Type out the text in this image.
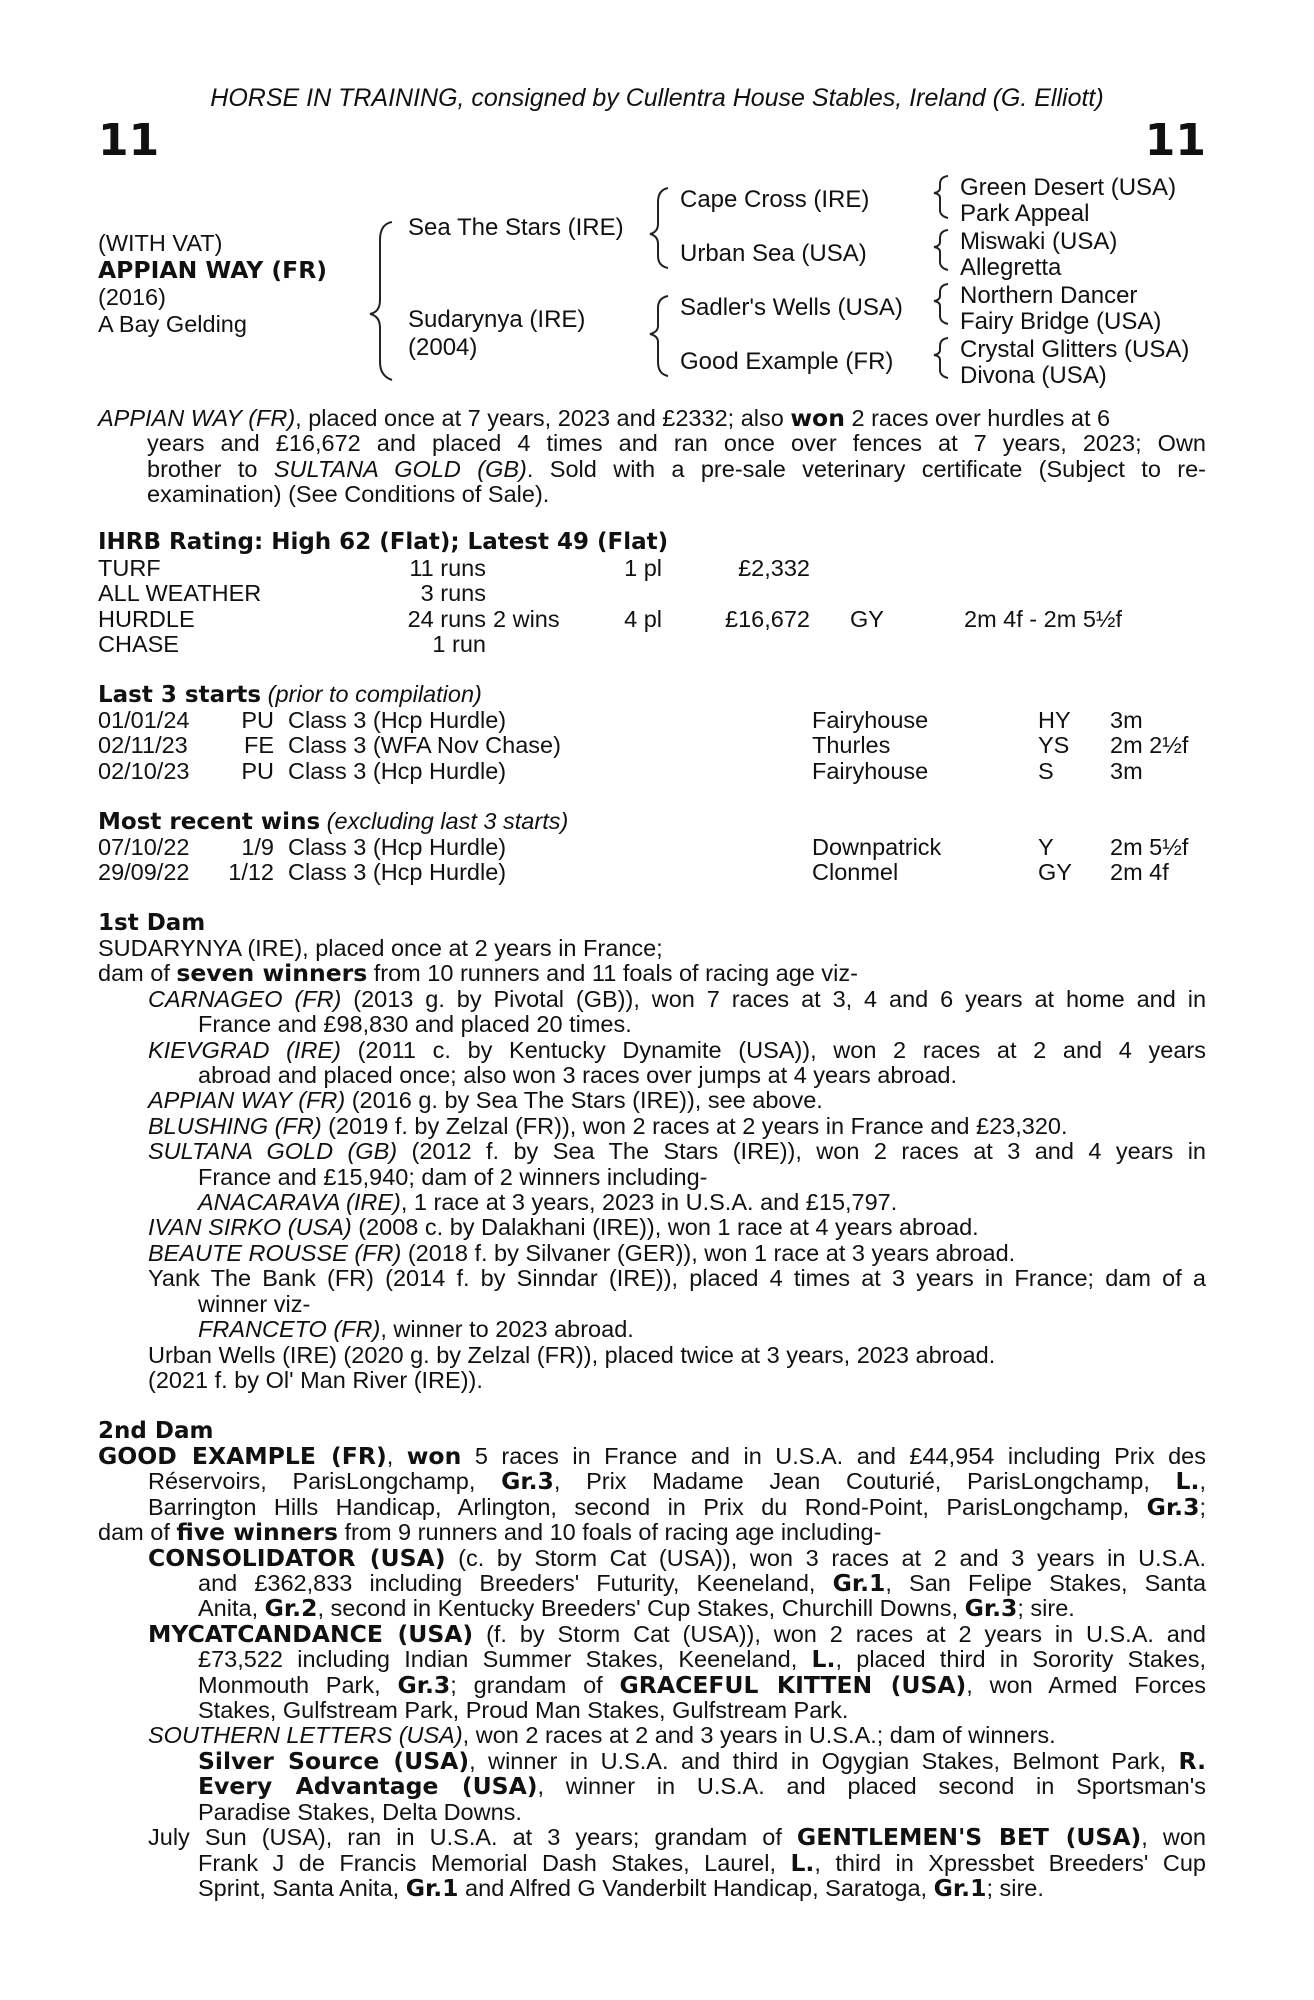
HORSE IN TRAINING, consigned by Cullentra House Stables, Ireland (G. Elliott)
11	11
(WITH VAT)
APPIAN WAY (FR)
(2016)
A Bay Gelding
Sea The Stars (IRE)
Sudarynya (IRE)
(2004)
Cape Cross (IRE)
Urban Sea (USA)
Sadler's Wells (USA)
Good Example (FR)
Green Desert (USA)
Park Appeal
Miswaki (USA)
Allegretta
Northern Dancer
Fairy Bridge (USA)
Crystal Glitters (USA)
Divona (USA)
APPIAN WAY (FR), placed once at 7 years, 2023 and £2332; also won 2 races over hurdles at 6
years and £16,672 and placed 4 times and ran once over fences at 7 years, 2023; Own
brother to SULTANA GOLD (GB). Sold with a pre-sale veterinary certificate (Subject to re-
examination) (See Conditions of Sale).
IHRB Rating: High 62 (Flat); Latest 49 (Flat)
TURF	11 runs	1 pl	£2,332
ALL WEATHER	3 runs
HURDLE	24 runs 2 wins	4 pl	£16,672 GY	2m 4f - 2m 5½f
CHASE	1 run
Last 3 starts (prior to compilation)
01/01/24	PU Class 3 (Hcp Hurdle)	Fairyhouse	HY 3m
02/11/23	FE Class 3 (WFA Nov Chase)	Thurles	YS 2m 2½f
02/10/23	PU Class 3 (Hcp Hurdle)	Fairyhouse	S 3m
Most recent wins (excluding last 3 starts)
07/10/22	1/9 Class 3 (Hcp Hurdle)	Downpatrick	Y 2m 5½f
29/09/22	1/12 Class 3 (Hcp Hurdle)	Clonmel	GY 2m 4f
1st Dam
SUDARYNYA (IRE), placed once at 2 years in France;
dam of seven winners from 10 runners and 11 foals of racing age viz-
CARNAGEO (FR) (2013 g. by Pivotal (GB)), won 7 races at 3, 4 and 6 years at home and in
France and £98,830 and placed 20 times.
KIEVGRAD (IRE) (2011 c. by Kentucky Dynamite (USA)), won 2 races at 2 and 4 years
abroad and placed once; also won 3 races over jumps at 4 years abroad.
APPIAN WAY (FR) (2016 g. by Sea The Stars (IRE)), see above.
BLUSHING (FR) (2019 f. by Zelzal (FR)), won 2 races at 2 years in France and £23,320.
SULTANA GOLD (GB) (2012 f. by Sea The Stars (IRE)), won 2 races at 3 and 4 years in
France and £15,940; dam of 2 winners including-
ANACARAVA (IRE), 1 race at 3 years, 2023 in U.S.A. and £15,797.
IVAN SIRKO (USA) (2008 c. by Dalakhani (IRE)), won 1 race at 4 years abroad.
BEAUTE ROUSSE (FR) (2018 f. by Silvaner (GER)), won 1 race at 3 years abroad.
Yank The Bank (FR) (2014 f. by Sinndar (IRE)), placed 4 times at 3 years in France; dam of a
winner viz-
FRANCETO (FR), winner to 2023 abroad.
Urban Wells (IRE) (2020 g. by Zelzal (FR)), placed twice at 3 years, 2023 abroad.
(2021 f. by Ol' Man River (IRE)).
2nd Dam
GOOD EXAMPLE (FR), won 5 races in France and in U.S.A. and £44,954 including Prix des
Réservoirs, ParisLongchamp, Gr.3, Prix Madame Jean Couturié, ParisLongchamp, L.,
Barrington Hills Handicap, Arlington, second in Prix du Rond-Point, ParisLongchamp, Gr.3;
dam of five winners from 9 runners and 10 foals of racing age including-
CONSOLIDATOR (USA) (c. by Storm Cat (USA)), won 3 races at 2 and 3 years in U.S.A.
and £362,833 including Breeders' Futurity, Keeneland, Gr.1, San Felipe Stakes, Santa
Anita, Gr.2, second in Kentucky Breeders' Cup Stakes, Churchill Downs, Gr.3; sire.
MYCATCANDANCE (USA) (f. by Storm Cat (USA)), won 2 races at 2 years in U.S.A. and
£73,522 including Indian Summer Stakes, Keeneland, L., placed third in Sorority Stakes,
Monmouth Park, Gr.3; grandam of GRACEFUL KITTEN (USA), won Armed Forces
Stakes, Gulfstream Park, Proud Man Stakes, Gulfstream Park.
SOUTHERN LETTERS (USA), won 2 races at 2 and 3 years in U.S.A.; dam of winners.
Silver Source (USA), winner in U.S.A. and third in Ogygian Stakes, Belmont Park, R.
Every Advantage (USA), winner in U.S.A. and placed second in Sportsman's
Paradise Stakes, Delta Downs.
July Sun (USA), ran in U.S.A. at 3 years; grandam of GENTLEMEN'S BET (USA), won
Frank J de Francis Memorial Dash Stakes, Laurel, L., third in Xpressbet Breeders' Cup
Sprint, Santa Anita, Gr.1 and Alfred G Vanderbilt Handicap, Saratoga, Gr.1; sire.
